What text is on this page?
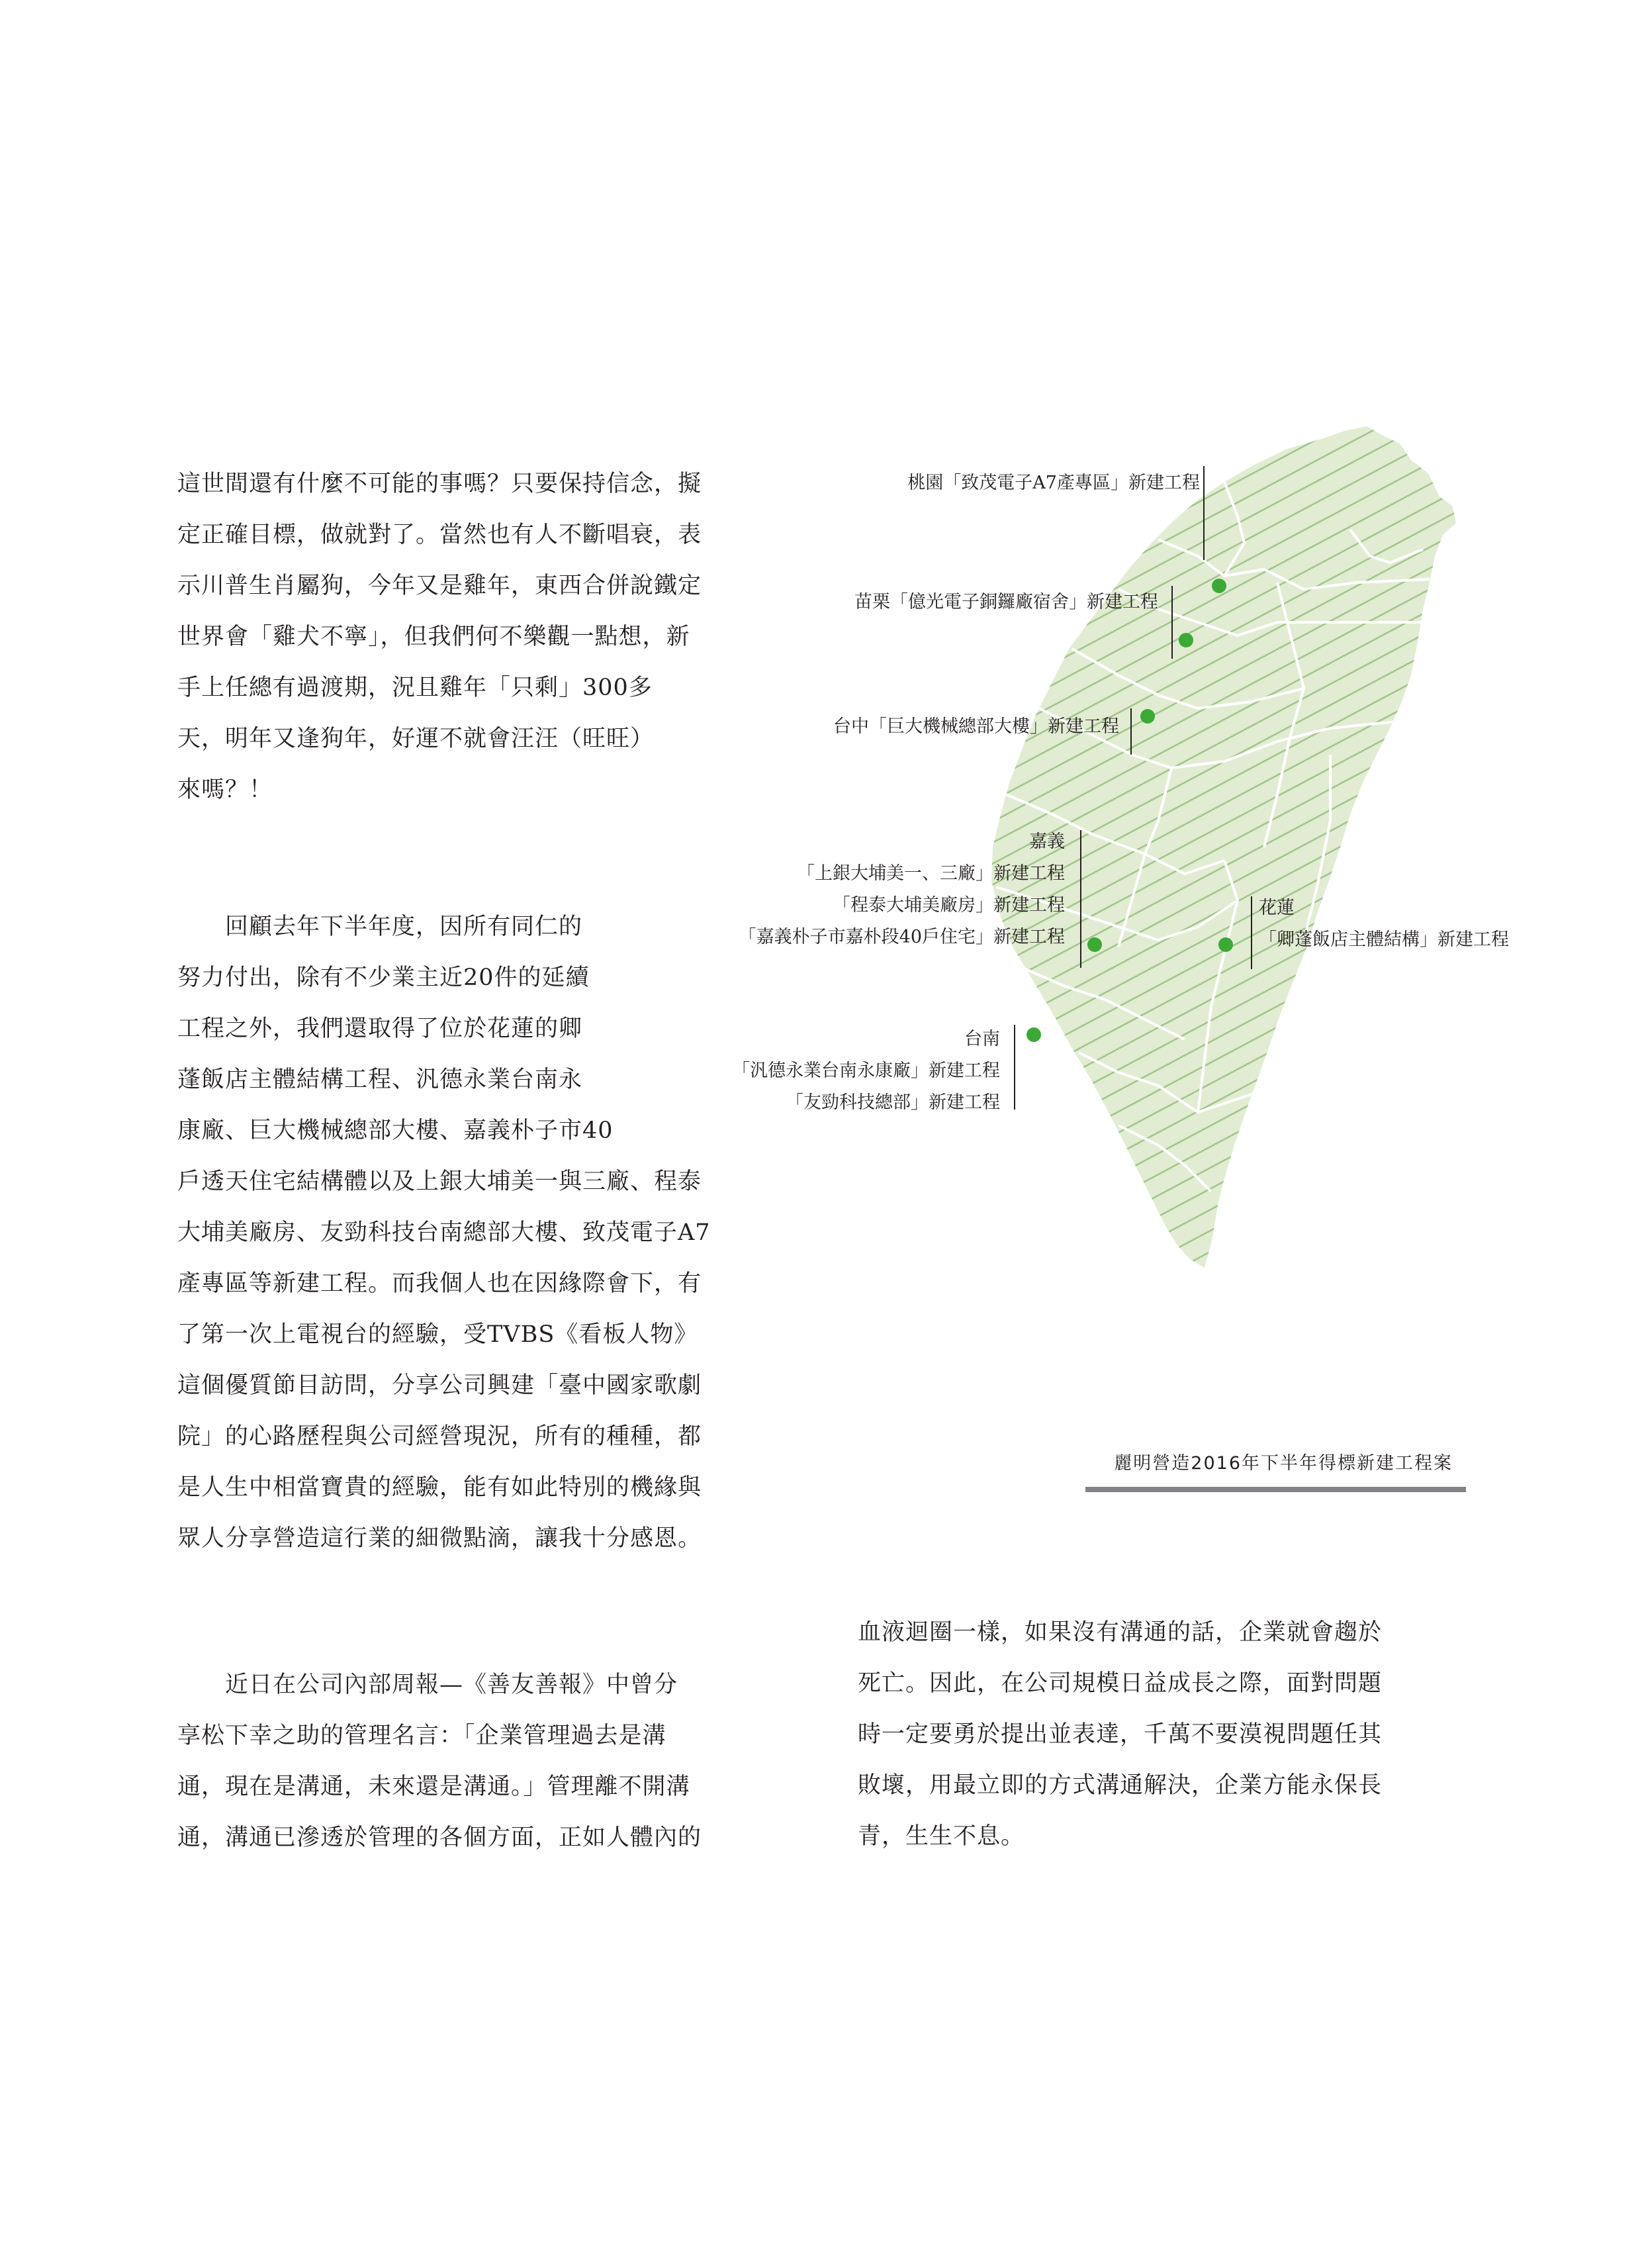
這世間還有什麼不可能的事嗎？只要保持信念，擬
定正確目標，做就對了。當然也有人不斷唱衰，表
示川普生肖屬狗，今年又是雞年，東西合併說鐵定
世界會「雞犬不寧」，但我們何不樂觀一點想，新
手上任總有過渡期，況且雞年「只剩」300多
天，明年又逢狗年，好運不就會汪汪（旺旺）
來嗎？！
　　回顧去年下半年度，因所有同仁的
努力付出，除有不少業主近20件的延續
工程之外，我們還取得了位於花蓮的卿
蓬飯店主體結構工程、汎德永業台南永
康廠、巨大機械總部大樓、嘉義朴子市40
戶透天住宅結構體以及上銀大埔美一與三廠、程泰
大埔美廠房、友勁科技台南總部大樓、致茂電子A7
產專區等新建工程。而我個人也在因緣際會下，有
了第一次上電視台的經驗，受TVBS《看板人物》
這個優質節目訪問，分享公司興建「臺中國家歌劇
院」的心路歷程與公司經營現況，所有的種種，都
是人生中相當寶貴的經驗，能有如此特別的機緣與
眾人分享營造這行業的細微點滴，讓我十分感恩。
　　近日在公司內部周報—《善友善報》中曾分
享松下幸之助的管理名言：「企業管理過去是溝
通，現在是溝通，未來還是溝通。」管理離不開溝
通，溝通已滲透於管理的各個方面，正如人體內的
血液迴圈一樣，如果沒有溝通的話，企業就會趨於
死亡。因此，在公司規模日益成長之際，面對問題
時一定要勇於提出並表達，千萬不要漠視問題任其
敗壞，用最立即的方式溝通解決，企業方能永保長
青，生生不息。
桃園「致茂電子A7產專區」新建工程
苗栗「億光電子銅鑼廠宿舍」新建工程
台中「巨大機械總部大樓」新建工程
嘉義
「上銀大埔美一、三廠」新建工程
「程泰大埔美廠房」新建工程
「嘉義朴子市嘉朴段40戶住宅」新建工程
花蓮
「卿蓬飯店主體結構」新建工程
台南
「汎德永業台南永康廠」新建工程
「友勁科技總部」新建工程
麗明營造2016年下半年得標新建工程案
